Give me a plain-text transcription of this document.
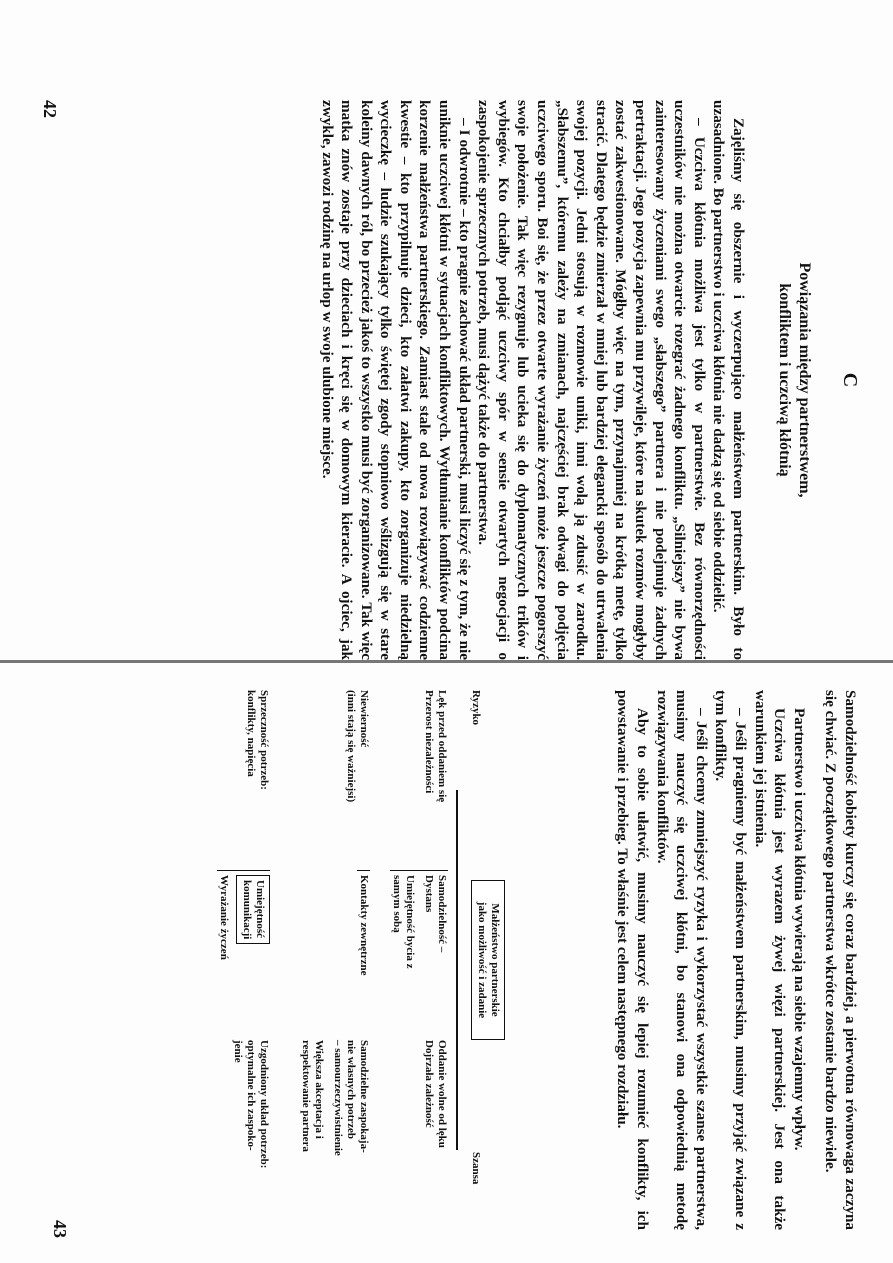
C
Powiązania między partnerstwem,
konfliktem i uczciwą kłótnią

Zajęliśmy się obszernie i wyczerpująco małżeństwem partnerskim. Było to uzasadnione. Bo partnerstwo i uczciwa kłótnia nie dadzą się od siebie oddzielić.

– Uczciwa kłótnia możliwa jest tylko w partnerstwie. Bez równorzędności uczestników nie można otwarcie rozegrać żadnego konfliktu. „Silniejszy” nie bywa zainteresowany życzeniami swego „słabszego” partnera i nie podejmuje żadnych pertraktacji. Jego pozycja zapewnia mu przywileje, które na skutek rozmów mogłyby zostać zakwestionowane. Mógłby więc na tym, przynajmniej na krótką metę, tylko stracić. Dlatego będzie zmierzał w mniej lub bardziej elegancki sposób do utrwalenia swojej pozycji. Jedni stosują w rozmowie uniki, inni wolą ją zdusić w zarodku. „Słabszemu”, któremu zależy na zmianach, najczęściej brak odwagi do podjęcia uczciwego sporu. Boi się, że przez otwarte wyrażanie życzeń może jeszcze pogorszyć swoje położenie. Tak więc rezygnuje lub ucieka się do dyplomatycznych trików i wybiegów. Kto chciałby podjąć uczciwy spór w sensie otwartych negocjacji o zaspokojenie sprzecznych potrzeb, musi dążyć także do partnerstwa.

– I odwrotnie – kto pragnie zachować układ partnerski, musi liczyć się z tym, że nie uniknie uczciwej kłótni w sytuacjach konfliktowych. Wytłumianie konfliktów podcina korzenie małżeństwa partnerskiego. Zamiast stale od nowa rozwiązywać codzienne kwestie – kto przypilnuje dzieci, kto załatwi zakupy, kto zorganizuje niedzielną wycieczkę – ludzie szukający tylko świętej zgody stopniowo wślizgują się w stare koleiny dawnych ról, bo przecież jakoś to wszystko musi być zorganizowane. Tak więc matka znów zostaje przy dzieciach i kręci się w domowym kieracie. A ojciec, jak zwykle, zawozi rodzinę na urlop w swoje ulubione miejsce.

42

Samodzielność kobiety kurczy się coraz bardziej, a pierwotna równowaga zaczyna się chwiać. Z początkowego partnerstwa wkrótce zostanie bardzo niewiele.

Partnerstwo i uczciwa kłótnia wywierają na siebie wzajemny wpływ.

Uczciwa kłótnia jest wyrazem żywej więzi partnerskiej. Jest ona także warunkiem jej istnienia.

– Jeśli pragniemy być małżeństwem partnerskim, musimy przyjąć związane z tym konflikty.

– Jeśli chcemy zmniejszyć ryzyka i wykorzystać wszystkie szanse partnerstwa, musimy nauczyć się uczciwej kłótni, bo stanowi ona odpowiednią metodę rozwiązywania konfliktów.

Aby to sobie ułatwić, musimy nauczyć się lepiej rozumieć konflikty, ich powstawanie i przebieg. To właśnie jest celem następnego rozdziału.

Małżeństwo partnerskie
jako możliwość i zadanie
Ryzyko
Szansa
Lęk przed oddaniem się
Przerost niezależności
Samodzielność –
Dystans
Umiejętność bycia z
samym sobą
Oddanie wolne od lęku
Dojrzała zależność
Niewierność
(inni stają się ważniejsi)
Kontakty zewnętrzne
Samodzielne zaspokaja-
nie własnych potrzeb
– samourzeczywistnienie
Większa akceptacja i
respektowanie partnera
Sprzeczność potrzeb:
konflikty, napięcia
Umiejętność
komunikacji
Wyrażanie życzeń
Uzgodniony układ potrzeb:
optymalne ich zaspoko-
jenie
43
